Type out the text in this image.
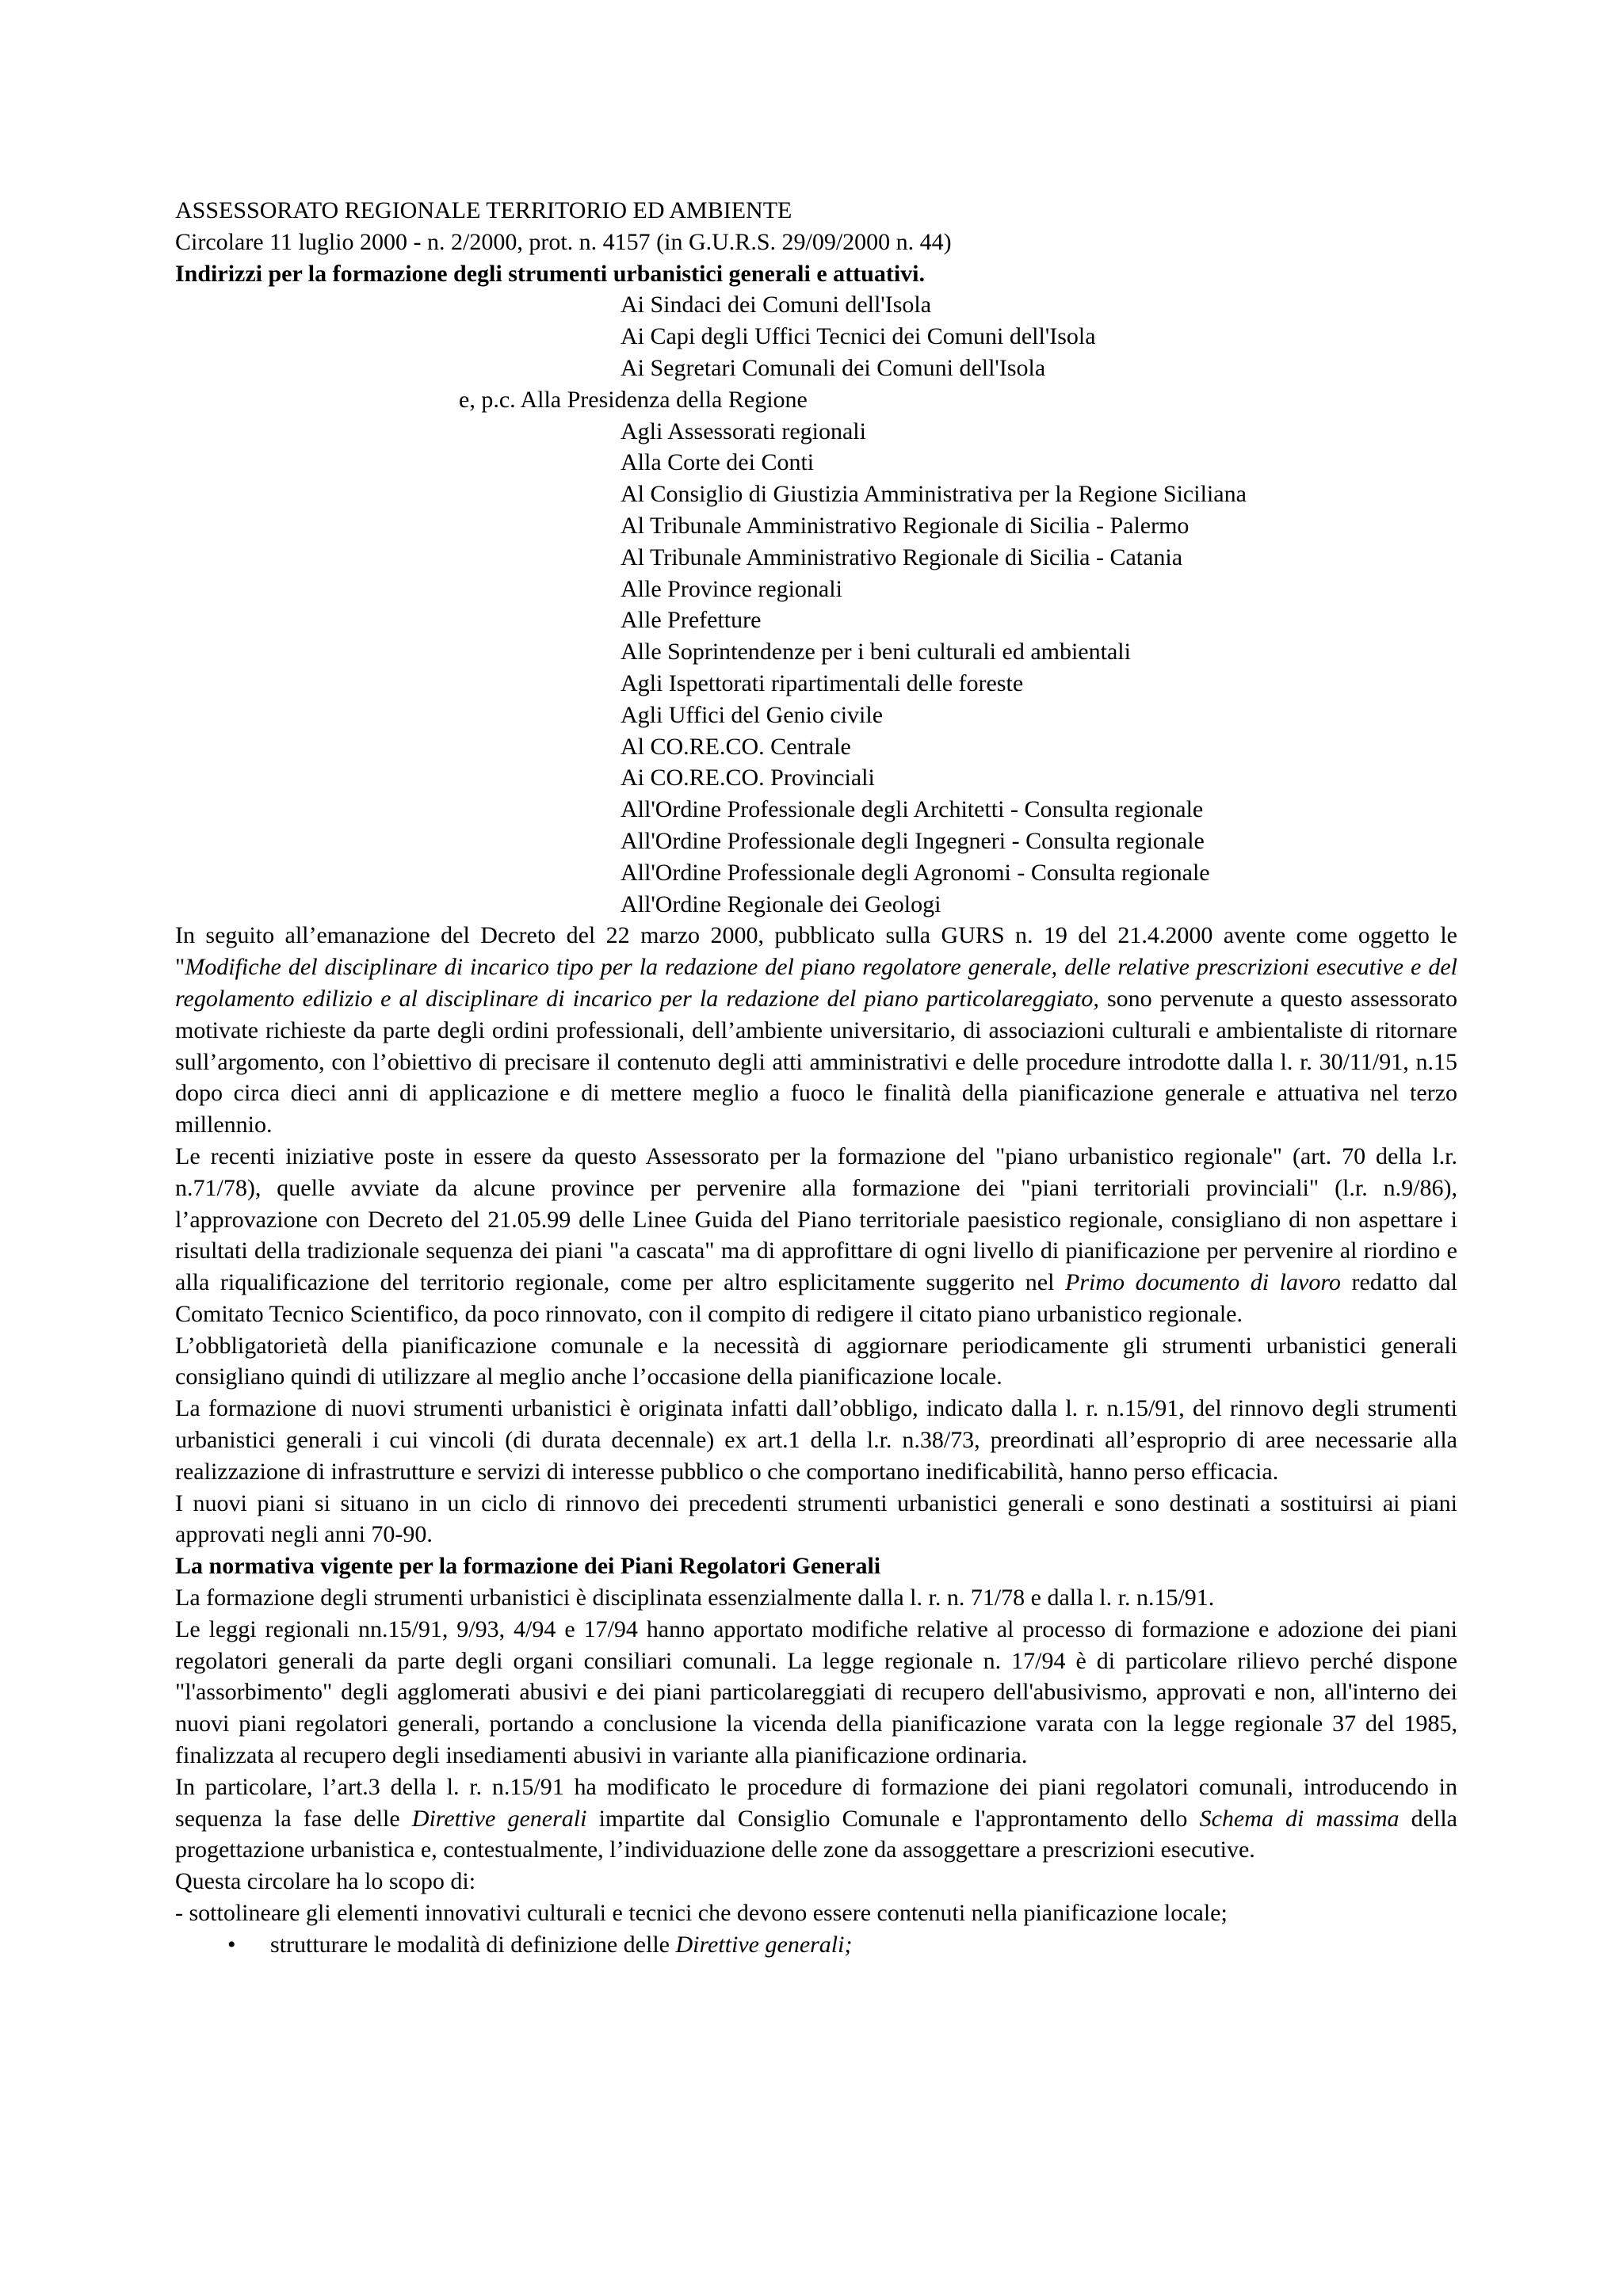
ASSESSORATO REGIONALE TERRITORIO ED AMBIENTE
Circolare 11 luglio 2000 - n. 2/2000, prot. n. 4157 (in G.U.R.S. 29/09/2000 n. 44)
Indirizzi per la formazione degli strumenti urbanistici generali e attuativi.
Ai Sindaci dei Comuni dell'Isola
Ai Capi degli Uffici Tecnici dei Comuni dell'Isola
Ai Segretari Comunali dei Comuni dell'Isola
e, p.c. Alla Presidenza della Regione
Agli Assessorati regionali
Alla Corte dei Conti
Al Consiglio di Giustizia Amministrativa per la Regione Siciliana
Al Tribunale Amministrativo Regionale di Sicilia - Palermo
Al Tribunale Amministrativo Regionale di Sicilia - Catania
Alle Province regionali
Alle Prefetture
Alle Soprintendenze per i beni culturali ed ambientali
Agli Ispettorati ripartimentali delle foreste
Agli Uffici del Genio civile
Al CO.RE.CO. Centrale
Ai CO.RE.CO. Provinciali
All'Ordine Professionale degli Architetti - Consulta regionale
All'Ordine Professionale degli Ingegneri - Consulta regionale
All'Ordine Professionale degli Agronomi - Consulta regionale
All'Ordine Regionale dei Geologi
In seguito all’emanazione del Decreto del 22 marzo 2000, pubblicato sulla GURS n. 19 del 21.4.2000 avente come oggetto le "Modifiche del disciplinare di incarico tipo per la redazione del piano regolatore generale, delle relative prescrizioni esecutive e del regolamento edilizio e al disciplinare di incarico per la redazione del piano particolareggiato, sono pervenute a questo assessorato motivate richieste da parte degli ordini professionali, dell’ambiente universitario, di associazioni culturali e ambientaliste di ritornare sull’argomento, con l’obiettivo di precisare il contenuto degli atti amministrativi e delle procedure introdotte dalla l. r. 30/11/91, n.15 dopo circa dieci anni di applicazione e di mettere meglio a fuoco le finalità della pianificazione generale e attuativa nel terzo millennio.
Le recenti iniziative poste in essere da questo Assessorato per la formazione del "piano urbanistico regionale" (art. 70 della l.r. n.71/78), quelle avviate da alcune province per pervenire alla formazione dei "piani territoriali provinciali" (l.r. n.9/86), l’approvazione con Decreto del 21.05.99 delle Linee Guida del Piano territoriale paesistico regionale, consigliano di non aspettare i risultati della tradizionale sequenza dei piani "a cascata" ma di approfittare di ogni livello di pianificazione per pervenire al riordino e alla riqualificazione del territorio regionale, come per altro esplicitamente suggerito nel Primo documento di lavoro redatto dal Comitato Tecnico Scientifico, da poco rinnovato, con il compito di redigere il citato piano urbanistico regionale.
L’obbligatorietà della pianificazione comunale e la necessità di aggiornare periodicamente gli strumenti urbanistici generali consigliano quindi di utilizzare al meglio anche l’occasione della pianificazione locale.
La formazione di nuovi strumenti urbanistici è originata infatti dall’obbligo, indicato dalla l. r. n.15/91, del rinnovo degli strumenti urbanistici generali i cui vincoli (di durata decennale) ex art.1 della l.r. n.38/73, preordinati all’esproprio di aree necessarie alla realizzazione di infrastrutture e servizi di interesse pubblico o che comportano inedificabilità, hanno perso efficacia.
I nuovi piani si situano in un ciclo di rinnovo dei precedenti strumenti urbanistici generali e sono destinati a sostituirsi ai piani approvati negli anni 70-90.
La normativa vigente per la formazione dei Piani Regolatori Generali
La formazione degli strumenti urbanistici è disciplinata essenzialmente dalla l. r. n. 71/78 e dalla l. r. n.15/91.
Le leggi regionali nn.15/91, 9/93, 4/94 e 17/94 hanno apportato modifiche relative al processo di formazione e adozione dei piani regolatori generali da parte degli organi consiliari comunali. La legge regionale n. 17/94 è di particolare rilievo perché dispone "l'assorbimento" degli agglomerati abusivi e dei piani particolareggiati di recupero dell'abusivismo, approvati e non, all'interno dei nuovi piani regolatori generali, portando a conclusione la vicenda della pianificazione varata con la legge regionale 37 del 1985, finalizzata al recupero degli insediamenti abusivi in variante alla pianificazione ordinaria.
In particolare, l’art.3 della l. r. n.15/91 ha modificato le procedure di formazione dei piani regolatori comunali, introducendo in sequenza la fase delle Direttive generali impartite dal Consiglio Comunale e l'approntamento dello Schema di massima della progettazione urbanistica e, contestualmente, l’individuazione delle zone da assoggettare a prescrizioni esecutive.
Questa circolare ha lo scopo di:
- sottolineare gli elementi innovativi culturali e tecnici che devono essere contenuti nella pianificazione locale;
• strutturare le modalità di definizione delle Direttive generali;
